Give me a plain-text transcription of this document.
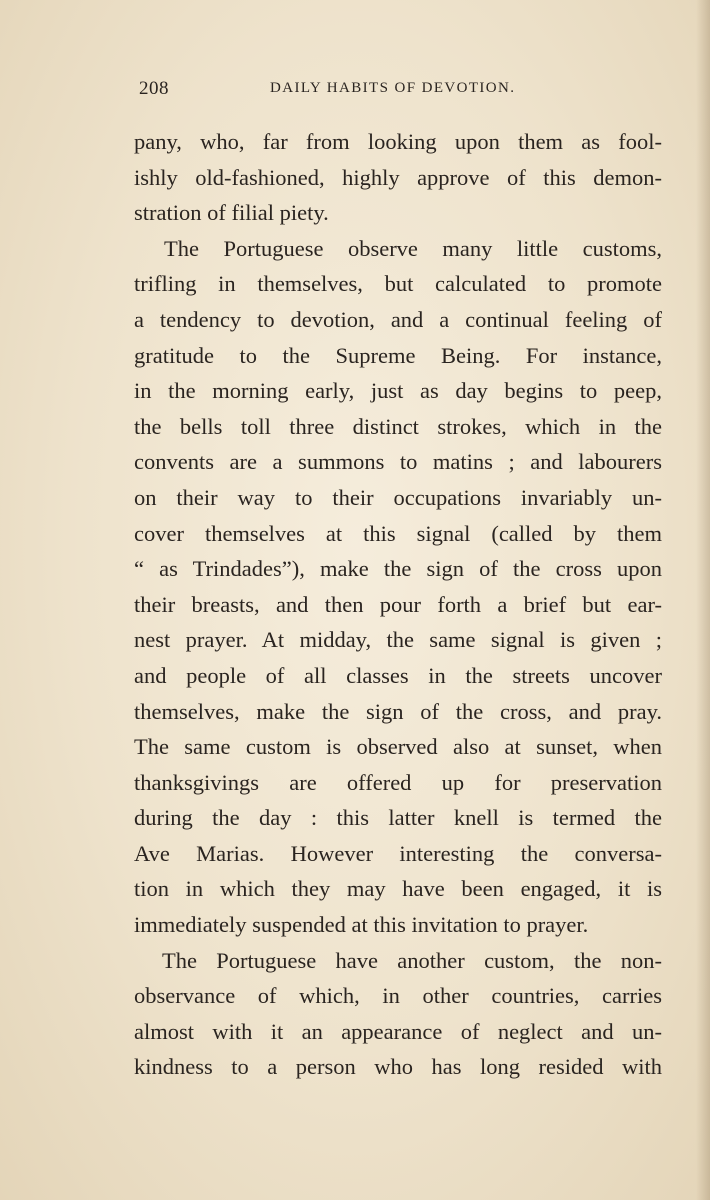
208	DAILY HABITS OF DEVOTION.
pany, who, far from looking upon them as fool-
ishly old-fashioned, highly approve of this demon-
stration of filial piety.
The Portuguese observe many little customs,
trifling in themselves, but calculated to promote
a tendency to devotion, and a continual feeling of
gratitude to the Supreme Being. For instance,
in the morning early, just as day begins to peep,
the bells toll three distinct strokes, which in the
convents are a summons to matins ; and labourers
on their way to their occupations invariably un-
cover themselves at this signal (called by them
“ as Trindades”), make the sign of the cross upon
their breasts, and then pour forth a brief but ear-
nest prayer. At midday, the same signal is given ;
and people of all classes in the streets uncover
themselves, make the sign of the cross, and pray.
The same custom is observed also at sunset, when
thanksgivings are offered up for preservation
during the day : this latter knell is termed the
Ave Marias. However interesting the conversa-
tion in which they may have been engaged, it is
immediately suspended at this invitation to prayer.
The Portuguese have another custom, the non-
observance of which, in other countries, carries
almost with it an appearance of neglect and un-
kindness to a person who has long resided with
